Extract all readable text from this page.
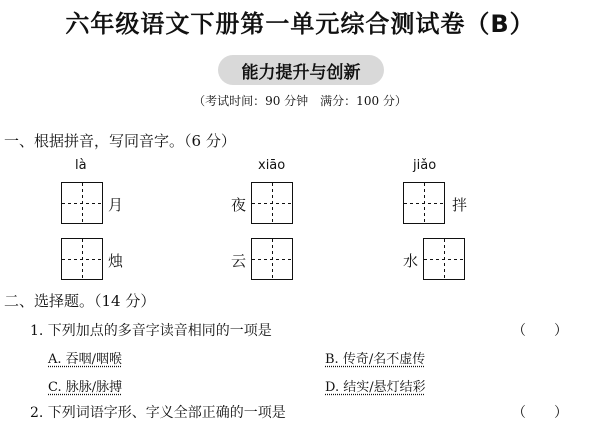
六年级语文下册第一单元综合测试卷（B）
能力提升与创新
（考试时间：90 分钟　满分：100 分）
一、根据拼音，写同音字。（6 分）
là
月
烛
xiāo
夜
云
jiǎo
拌
水
二、选择题。（14 分）
1. 下列加点的多音字读音相同的一项是	（　　）
A. 吞咽/咽喉	B. 传奇/名不虚传
C. 脉脉/脉搏	D. 结实/悬灯结彩
2. 下列词语字形、字义全部正确的一项是	（　　）
